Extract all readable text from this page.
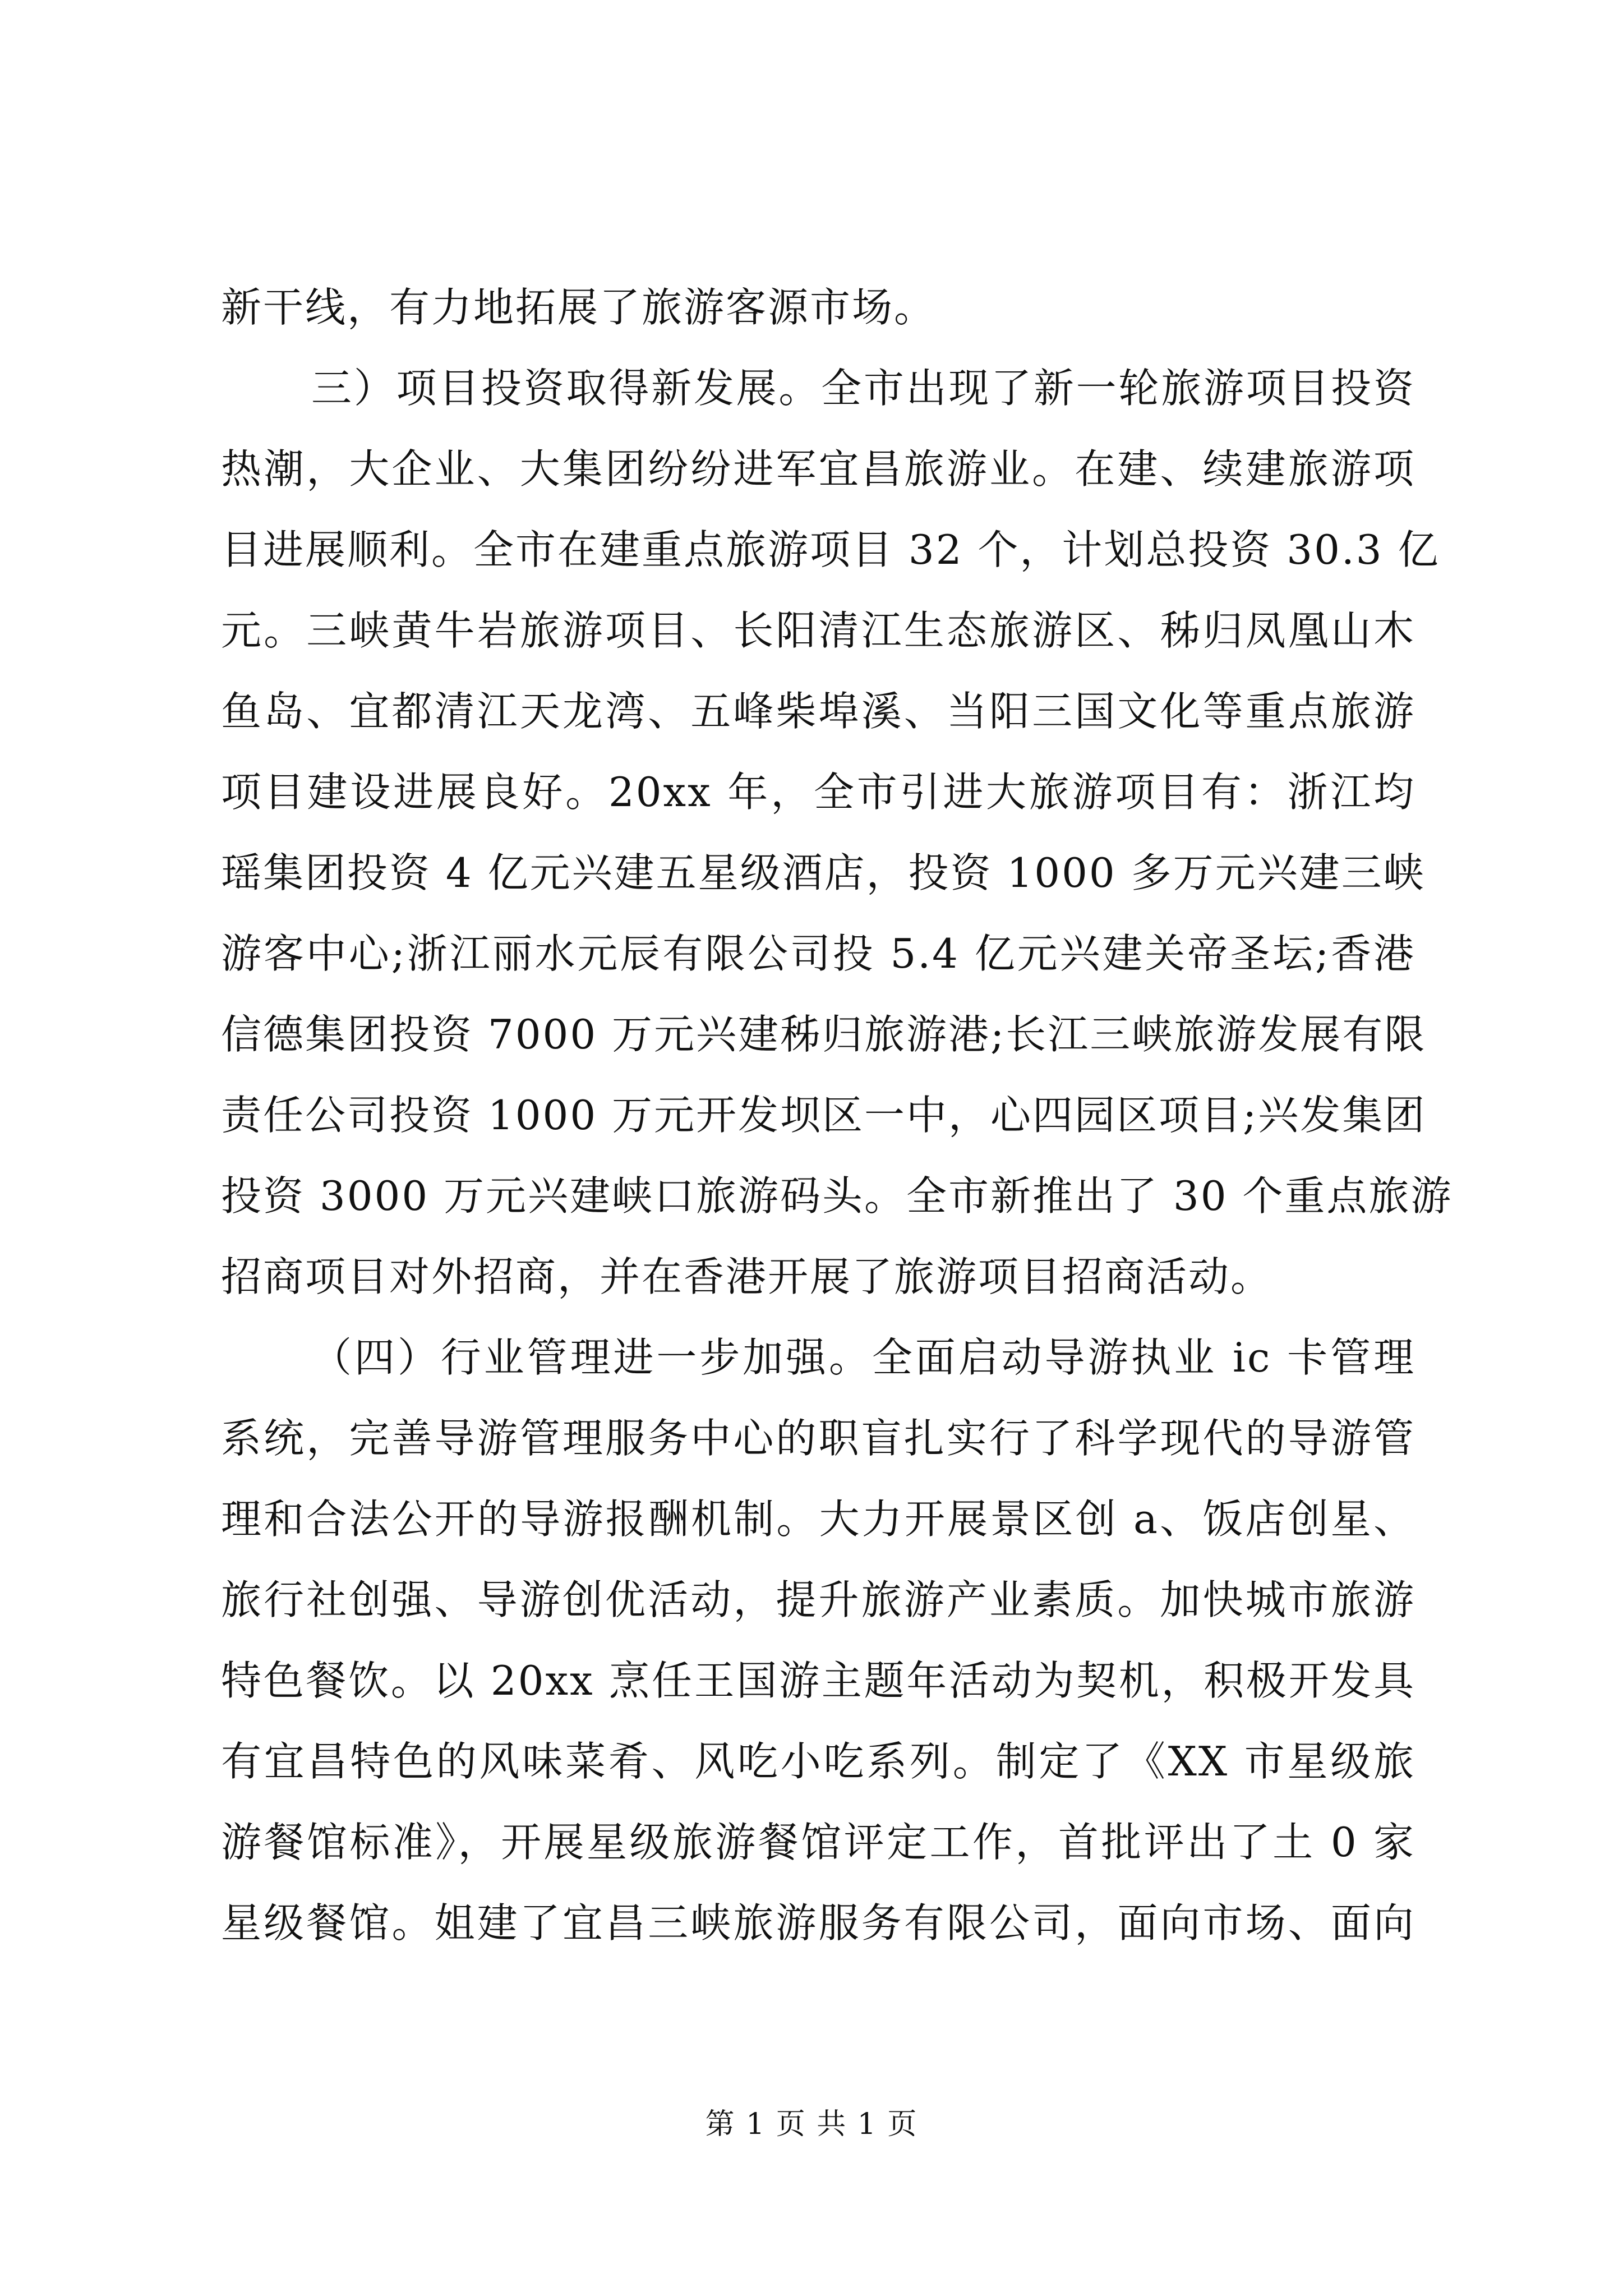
新干线，有力地拓展了旅游客源市场。
三）项目投资取得新发展。全市出现了新一轮旅游项目投资
热潮，大企业、大集团纷纷进军宜昌旅游业。在建、续建旅游项
目进展顺利。全市在建重点旅游项目 32 个，计划总投资 30.3 亿
元。三峡黄牛岩旅游项目、长阳清江生态旅游区、秭归凤凰山木
鱼岛、宜都清江天龙湾、五峰柴埠溪、当阳三国文化等重点旅游
项目建设进展良好。20xx 年，全市引进大旅游项目有：浙江均
瑶集团投资 4 亿元兴建五星级酒店，投资 1000 多万元兴建三峡
游客中心;浙江丽水元辰有限公司投 5.4 亿元兴建关帝圣坛;香港
信德集团投资 7000 万元兴建秭归旅游港;长江三峡旅游发展有限
责任公司投资 1000 万元开发坝区一中，心四园区项目;兴发集团
投资 3000 万元兴建峡口旅游码头。全市新推出了 30 个重点旅游
招商项目对外招商，并在香港开展了旅游项目招商活动。
（四）行业管理进一步加强。全面启动导游执业 ic 卡管理
系统，完善导游管理服务中心的职盲扎实行了科学现代的导游管
理和合法公开的导游报酬机制。大力开展景区创 a、饭店创星、
旅行社创强、导游创优活动，提升旅游产业素质。加快城市旅游
特色餐饮。以 20xx 烹任王国游主题年活动为契机，积极开发具
有宜昌特色的风味菜肴、风吃小吃系列。制定了《XX 市星级旅
游餐馆标准》，开展星级旅游餐馆评定工作，首批评出了土 0 家
星级餐馆。姐建了宜昌三峡旅游服务有限公司，面向市场、面向
第 1 页 共 1 页
